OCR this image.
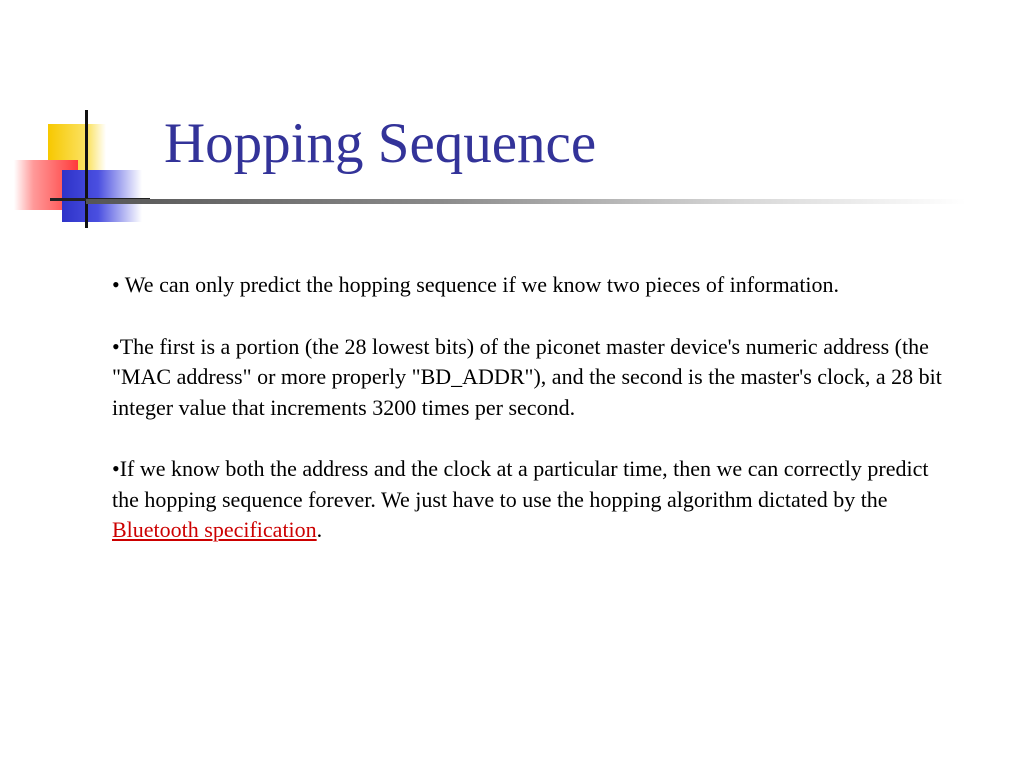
Hopping Sequence

• We can only predict the hopping sequence if we know two pieces of information.

•The first is a portion (the 28 lowest bits) of the piconet master device's numeric address (the "MAC address" or more properly "BD_ADDR"), and the second is the master's clock, a 28 bit integer value that increments 3200 times per second.

•If we know both the address and the clock at a particular time, then we can correctly predict the hopping sequence forever. We just have to use the hopping algorithm dictated by the Bluetooth specification.
